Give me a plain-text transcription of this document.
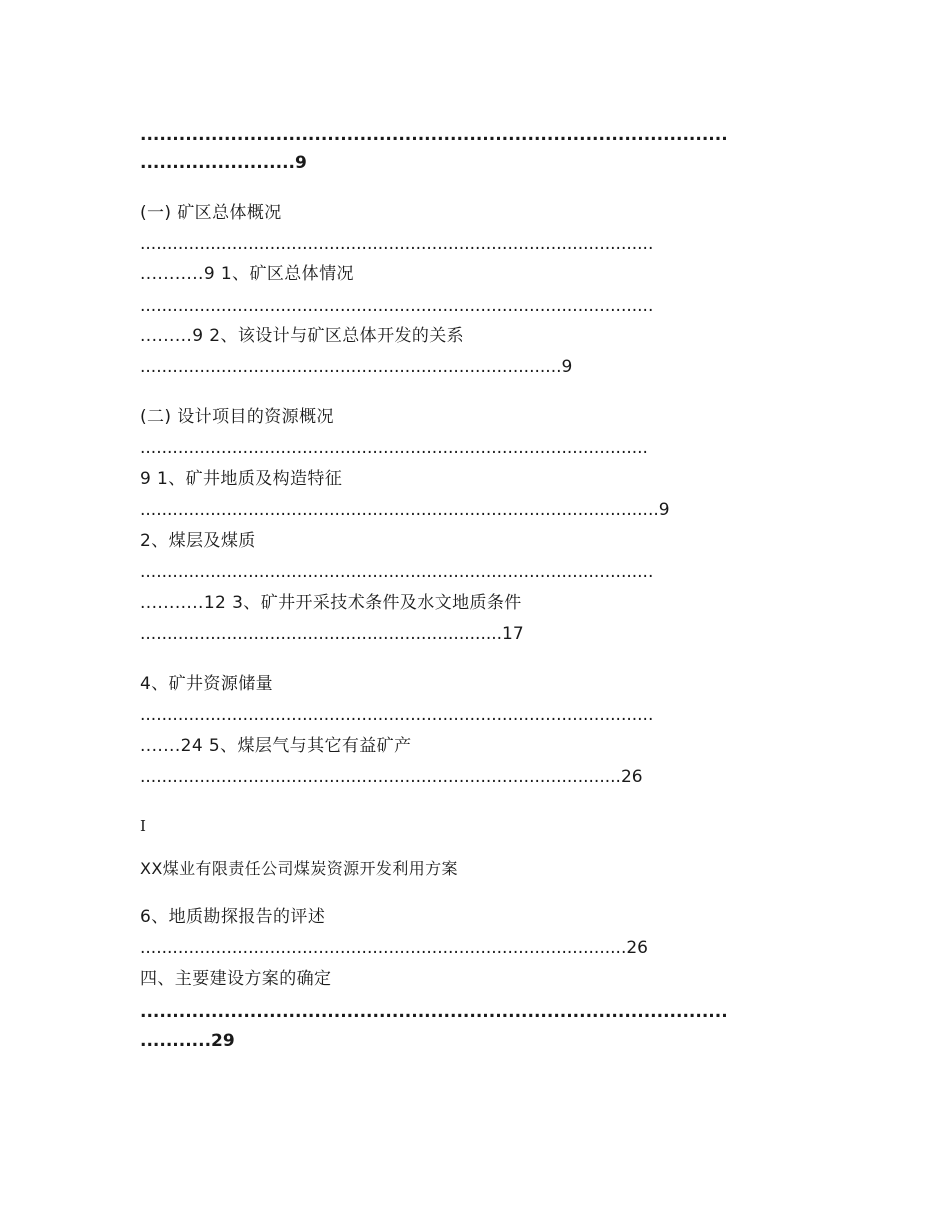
...........................................................................................
........................9
(一) 矿区总体概况
...............................................................................................
...........9 1、矿区总体情况
...............................................................................................
.........9 2、该设计与矿区总体开发的关系
..............................................................................9
(二) 设计项目的资源概况
..............................................................................................
9 1、矿井地质及构造特征
................................................................................................9
2、煤层及煤质
...............................................................................................
...........12 3、矿井开采技术条件及水文地质条件
...................................................................17
4、矿井资源储量
...............................................................................................
.......24 5、煤层气与其它有益矿产
.........................................................................................26
I
XX煤业有限责任公司煤炭资源开发利用方案
6、地质勘探报告的评述
..........................................................................................26
四、主要建设方案的确定
...........................................................................................
...........29
